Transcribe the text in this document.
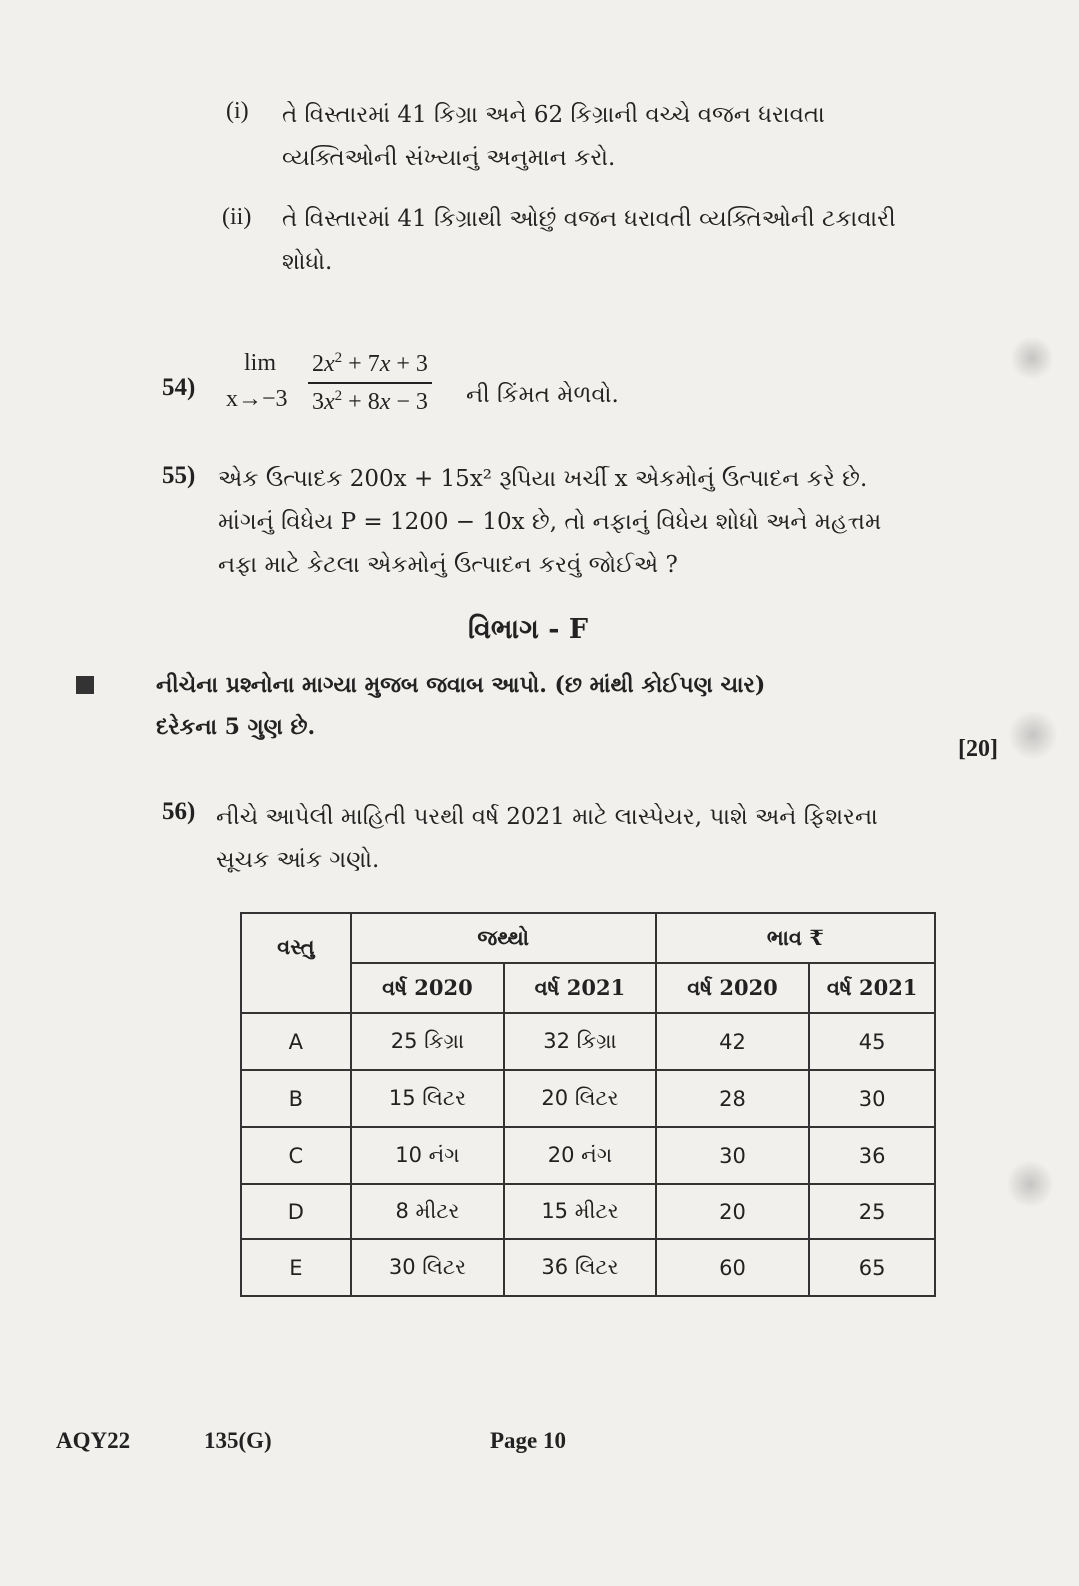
(i) તે વિસ્તારમાં 41 કિગ્રા અને 62 કિગ્રાની વચ્ચે વજન ધરાવતા
વ્યક્તિઓની સંખ્યાનું અનુમાન કરો.
(ii) તે વિસ્તારમાં 41 કિગ્રાથી ઓછું વજન ધરાવતી વ્યક્તિઓની ટકાવારી
શોધો.
54)
lim
$x\to-3 \frac{2x^2 + 7x + 3}{3x^2 + 8x - 3}$ ની કિંમત મેળવો.
55) એક ઉત્પાદક 200x + 15x² રૂપિયા ખર્ચી x એકમોનું ઉત્પાદન કરે છે.
માંગનું વિધેય P = 1200 − 10x છે, તો નફાનું વિધેય શોધો અને મહત્તમ
નફા માટે કેટલા એકમોનું ઉત્પાદન કરવું જોઈએ ?
વિભાગ - F
નીચેના પ્રશ્નોના માગ્યા મુજબ જવાબ આપો. (છ માંથી કોઈપણ ચાર)
દરેકના 5 ગુણ છે.
[20]
56) નીચે આપેલી માહિતી પરથી વર્ષ 2021 માટે લાસ્પેયર, પાશે અને ફિશરના
સૂચક આંક ગણો.
વસ્તુ	જથ્થો		ભાવ ₹	
	વર્ષ 2020	વર્ષ 2021	વર્ષ 2020	વર્ષ 2021
A	25 કિગ્રા	32 કિગ્રા	42	45
B	15 લિટર	20 લિટર	28	30
C	10 નંગ	20 નંગ	30	36
D	8 મીટર	15 મીટર	20	25
E	30 લિટર	36 લિટર	60	65
AQY22	135(G)	Page 10
